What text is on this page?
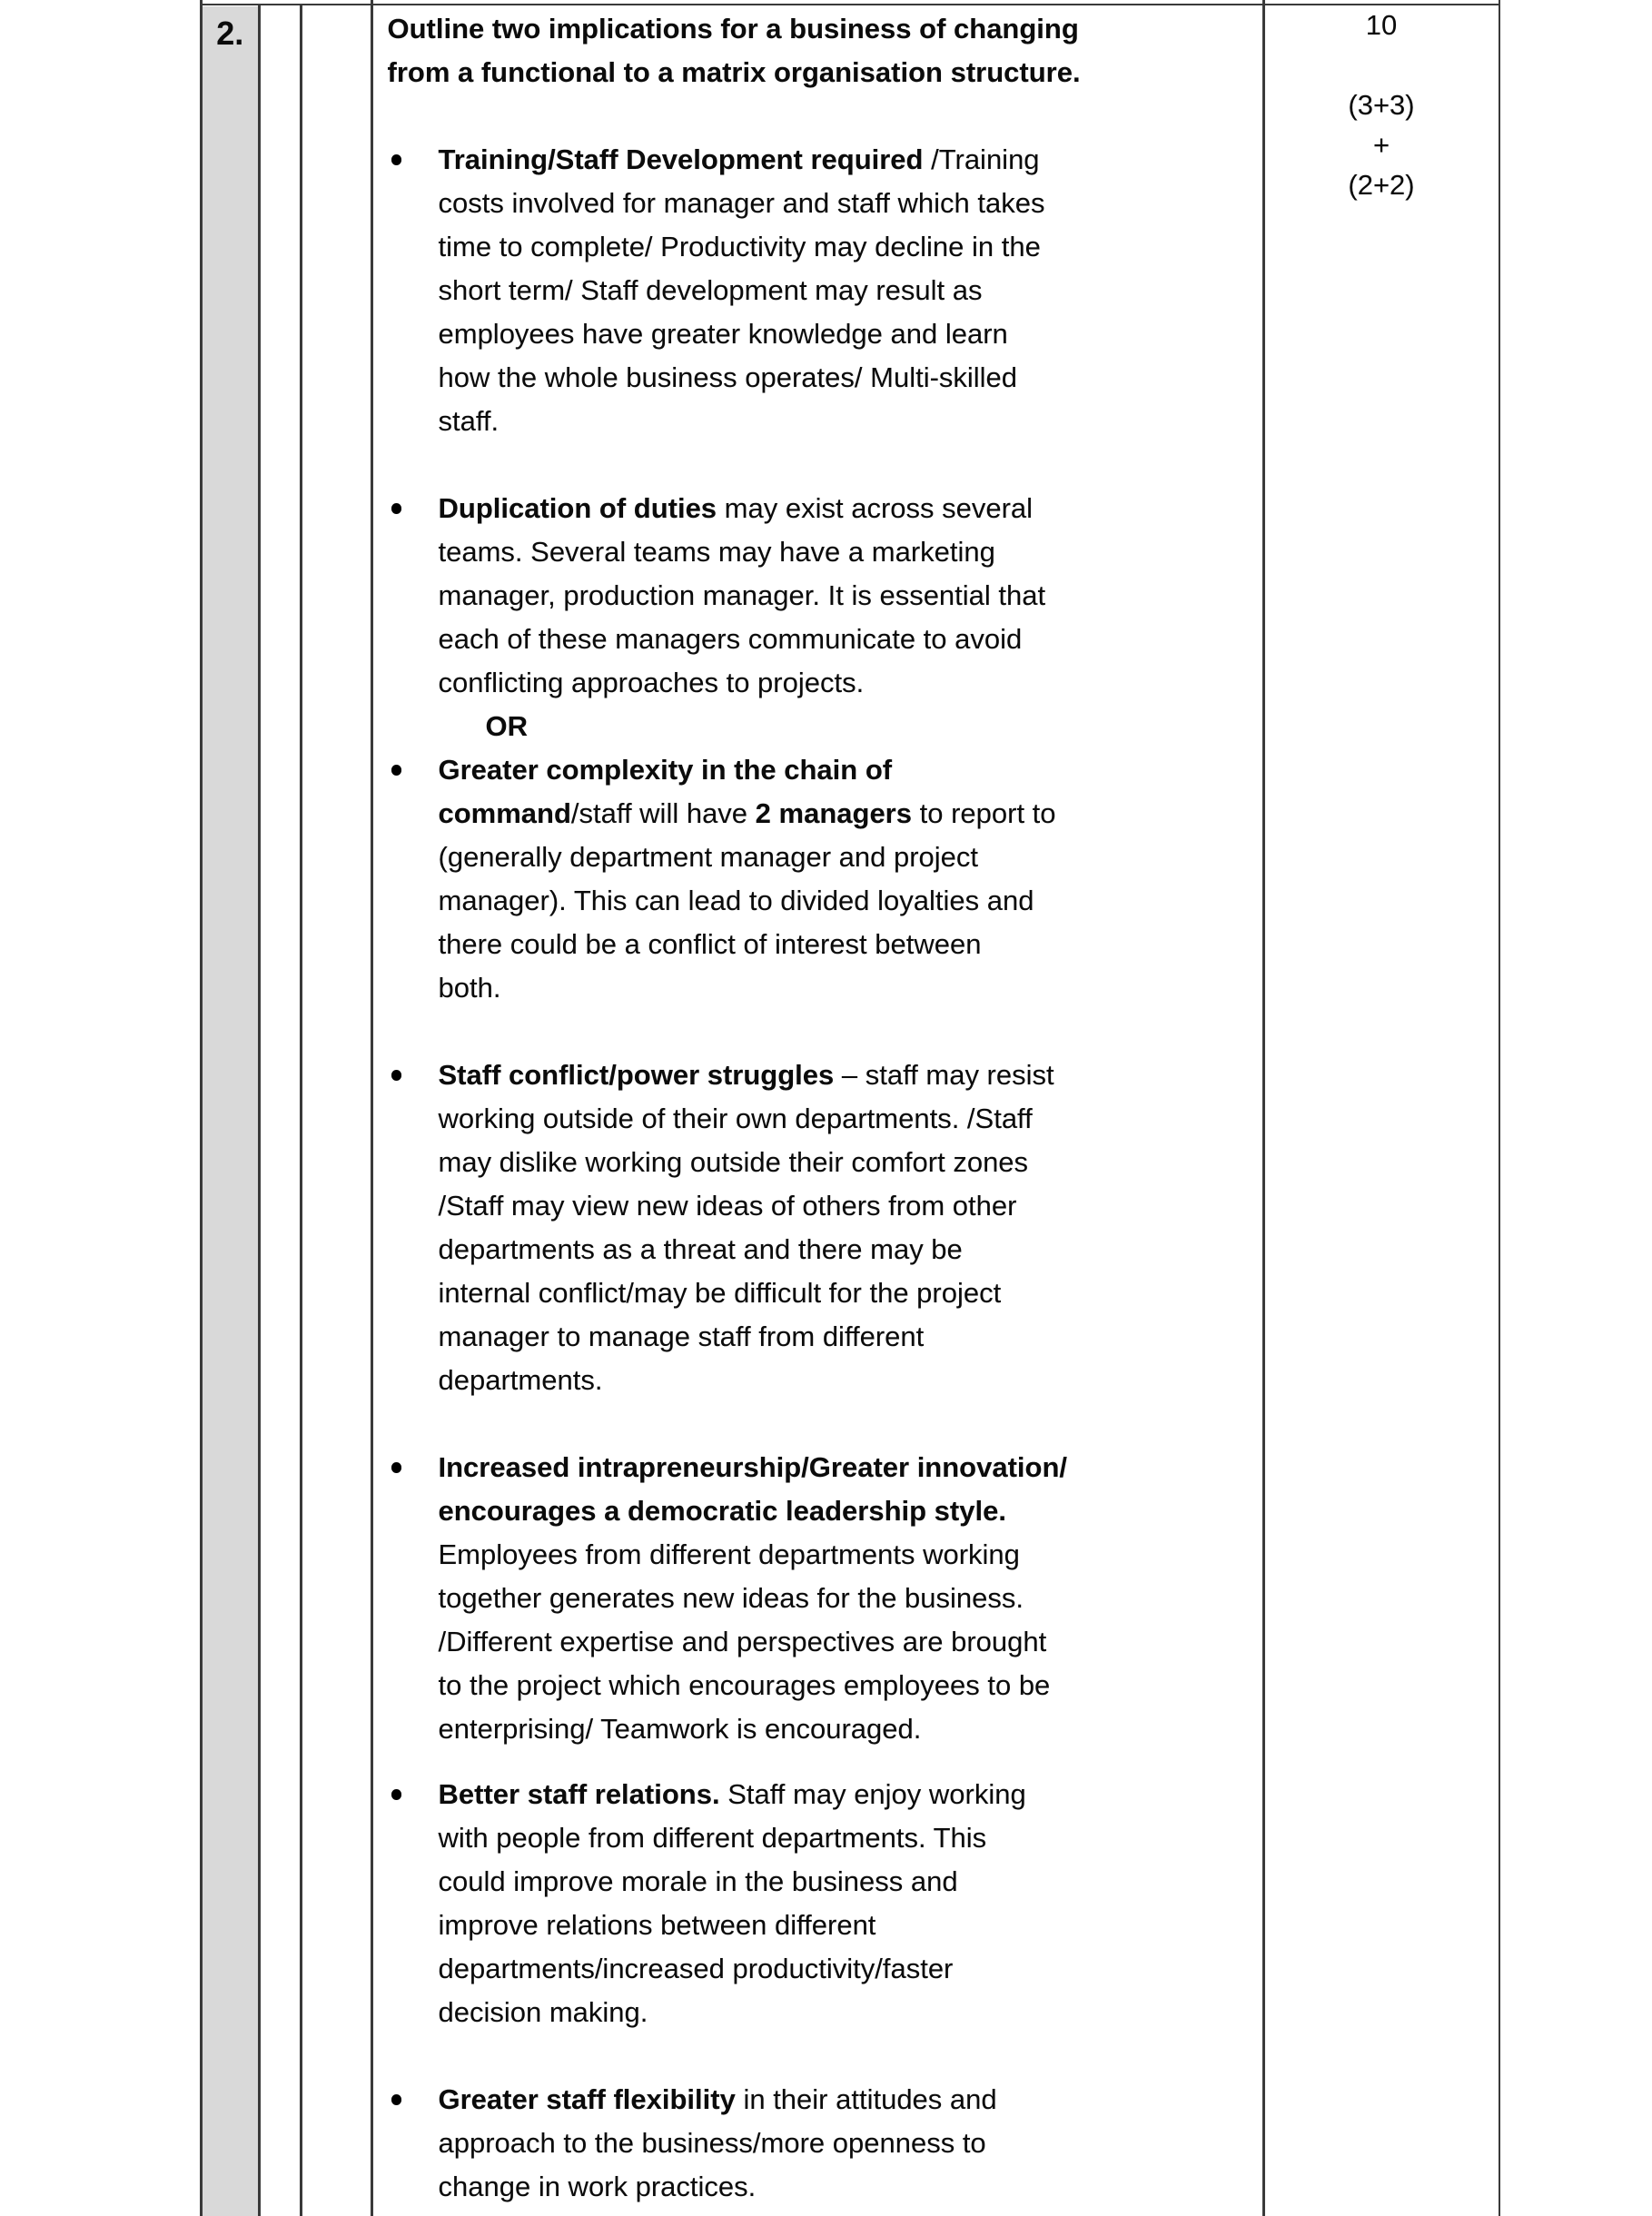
2.	Outline two implications for a business of changing
from a functional to a matrix organisation structure.
Training/Staff Development required /Training
costs involved for manager and staff which takes
time to complete/ Productivity may decline in the
short term/ Staff development may result as
employees have greater knowledge and learn
how the whole business operates/ Multi-skilled
staff.
Duplication of duties may exist across several
teams. Several teams may have a marketing
manager, production manager. It is essential that
each of these managers communicate to avoid
conflicting approaches to projects.
OR
Greater complexity in the chain of
command/staff will have 2 managers to report to
(generally department manager and project
manager). This can lead to divided loyalties and
there could be a conflict of interest between
both.
Staff conflict/power struggles – staff may resist
working outside of their own departments. /Staff
may dislike working outside their comfort zones
/Staff may view new ideas of others from other
departments as a threat and there may be
internal conflict/may be difficult for the project
manager to manage staff from different
departments.
Increased intrapreneurship/Greater innovation/
encourages a democratic leadership style.
Employees from different departments working
together generates new ideas for the business.
/Different expertise and perspectives are brought
to the project which encourages employees to be
enterprising/ Teamwork is encouraged.
Better staff relations. Staff may enjoy working
with people from different departments. This
could improve morale in the business and
improve relations between different
departments/increased productivity/faster
decision making.
Greater staff flexibility in their attitudes and
approach to the business/more openness to
change in work practices.
10
(3+3)
+
(2+2)
